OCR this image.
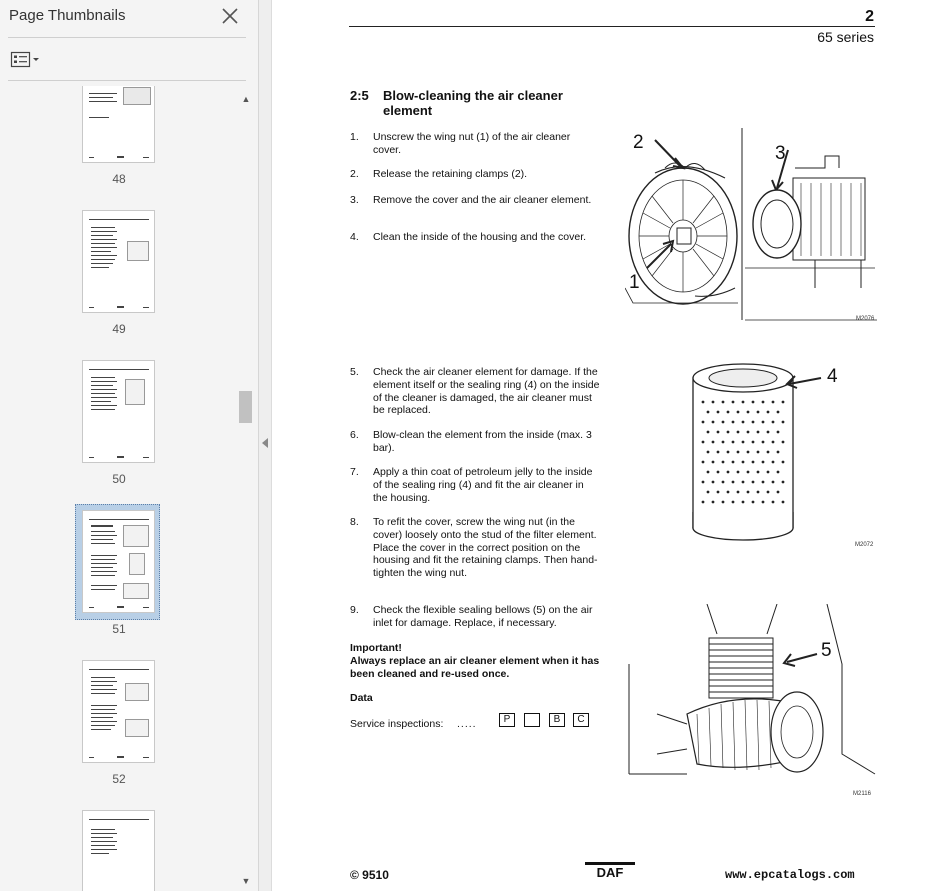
Page Thumbnails
48
49
50
51
52
▲
▼
2
65 series
2:5 Blow-cleaning the air cleaner element
1. Unscrew the wing nut (1) of the air cleaner cover.
2. Release the retaining clamps (2).
3. Remove the cover and the air cleaner element.
4. Clean the inside of the housing and the cover.
5. Check the air cleaner element for damage. If the element itself or the sealing ring (4) on the inside of the cleaner is damaged, the air cleaner must be replaced.
6. Blow-clean the element from the inside (max. 3 bar).
7. Apply a thin coat of petroleum jelly to the inside of the sealing ring (4) and fit the air cleaner in the housing.
8. To refit the cover, screw the wing nut (in the cover) loosely onto the stud of the filter element. Place the cover in the correct position on the housing and fit the retaining clamps. Then hand-tighten the wing nut.
9. Check the flexible sealing bellows (5) on the air inlet for damage. Replace, if necessary.
Important!
Always replace an air cleaner element when it has been cleaned and re-used once.
Data
Service inspections: .....	P	B	C
2
1
3
M2076
4
M2072
5
M2116
© 9510	DAF	www.epcatalogs.com
